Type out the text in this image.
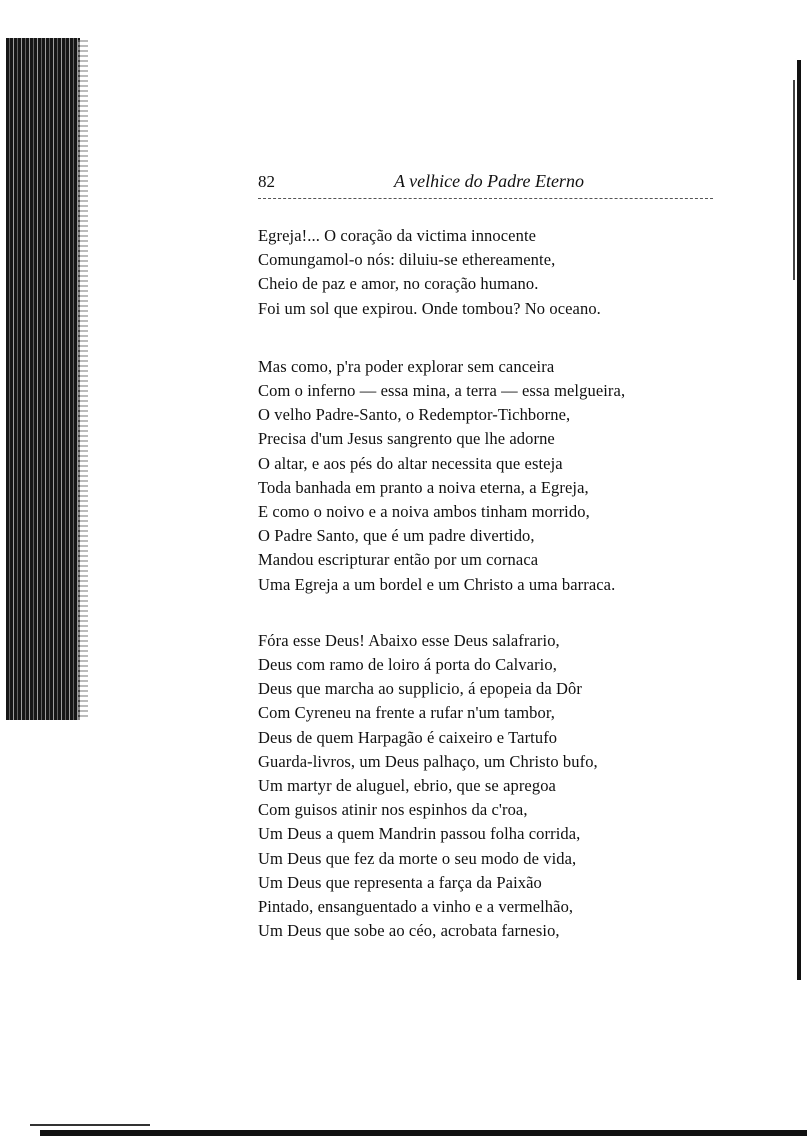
82	A velhice do Padre Eterno
Egreja!... O coração da victima innocente
Comungamol-o nós: diluiu-se ethereamente,
Cheio de paz e amor, no coração humano.
Foi um sol que expirou. Onde tombou? No oceano.
Mas como, p'ra poder explorar sem canceira
Com o inferno — essa mina, a terra — essa melgueira,
O velho Padre-Santo, o Redemptor-Tichborne,
Precisa d'um Jesus sangrento que lhe adorne
O altar, e aos pés do altar necessita que esteja
Toda banhada em pranto a noiva eterna, a Egreja,
E como o noivo e a noiva ambos tinham morrido,
O Padre Santo, que é um padre divertido,
Mandou escripturar então por um cornaca
Uma Egreja a um bordel e um Christo a uma barraca.
Fóra esse Deus! Abaixo esse Deus salafrario,
Deus com ramo de loiro á porta do Calvario,
Deus que marcha ao supplicio, á epopeia da Dôr
Com Cyreneu na frente a rufar n'um tambor,
Deus de quem Harpagão é caixeiro e Tartufo
Guarda-livros, um Deus palhaço, um Christo bufo,
Um martyr de aluguel, ebrio, que se apregoa
Com guisos atinir nos espinhos da c'roa,
Um Deus a quem Mandrin passou folha corrida,
Um Deus que fez da morte o seu modo de vida,
Um Deus que representa a farça da Paixão
Pintado, ensanguentado a vinho e a vermelhão,
Um Deus que sobe ao céo, acrobata farnesio,
